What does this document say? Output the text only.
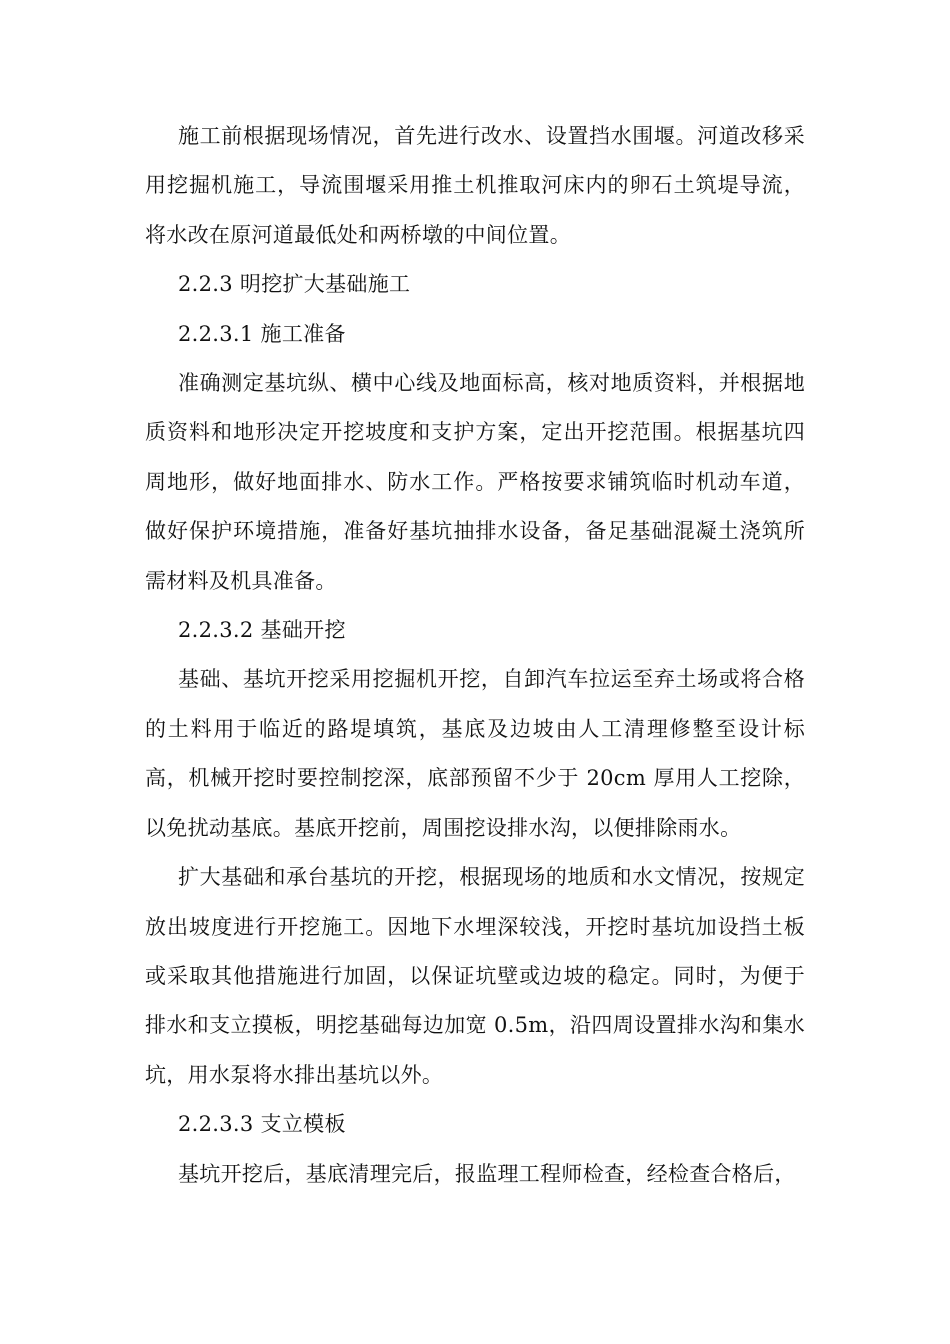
施工前根据现场情况，首先进行改水、设置挡水围堰。河道改移采用挖掘机施工，导流围堰采用推土机推取河床内的卵石土筑堤导流，将水改在原河道最低处和两桥墩的中间位置。

2.2.3 明挖扩大基础施工

2.2.3.1 施工准备

准确测定基坑纵、横中心线及地面标高，核对地质资料，并根据地质资料和地形决定开挖坡度和支护方案，定出开挖范围。根据基坑四周地形，做好地面排水、防水工作。严格按要求铺筑临时机动车道，做好保护环境措施，准备好基坑抽排水设备，备足基础混凝土浇筑所需材料及机具准备。

2.2.3.2 基础开挖

基础、基坑开挖采用挖掘机开挖，自卸汽车拉运至弃土场或将合格的土料用于临近的路堤填筑，基底及边坡由人工清理修整至设计标高，机械开挖时要控制挖深，底部预留不少于 20cm 厚用人工挖除，以免扰动基底。基底开挖前，周围挖设排水沟，以便排除雨水。

扩大基础和承台基坑的开挖，根据现场的地质和水文情况，按规定放出坡度进行开挖施工。因地下水埋深较浅，开挖时基坑加设挡土板或采取其他措施进行加固，以保证坑壁或边坡的稳定。同时，为便于排水和支立摸板，明挖基础每边加宽 0.5m，沿四周设置排水沟和集水坑，用水泵将水排出基坑以外。

2.2.3.3 支立模板

基坑开挖后，基底清理完后，报监理工程师检查，经检查合格后，
